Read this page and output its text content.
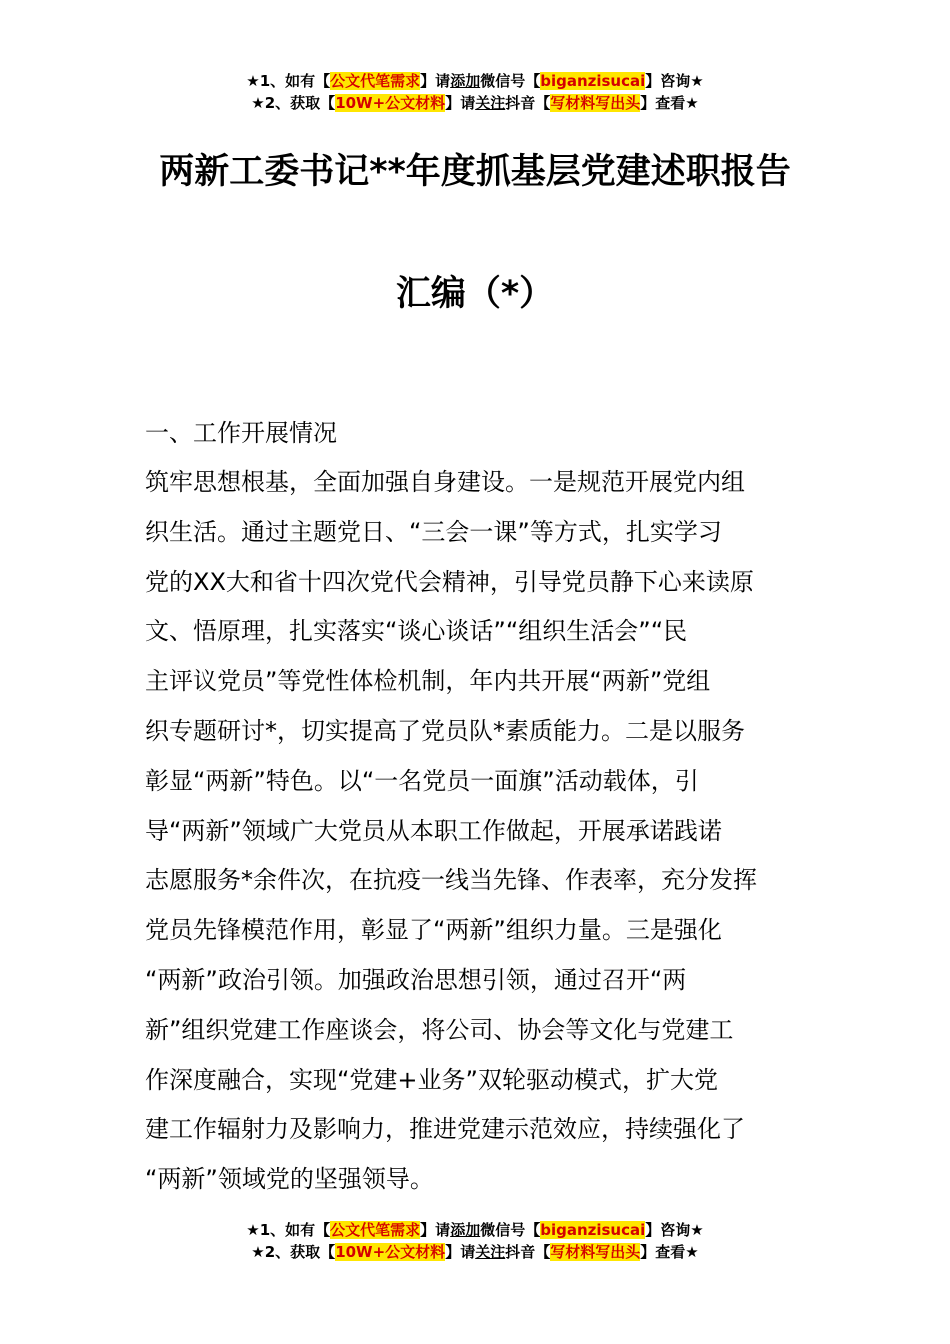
★1、如有【公文代笔需求】请添加微信号【biganzisucai】咨询★
★2、获取【10W+公文材料】请关注抖音【写材料写出头】查看★
两新工委书记**年度抓基层党建述职报告
汇编（*）
一、工作开展情况
筑牢思想根基，全面加强自身建设。一是规范开展党内组
织生活。通过主题党日、“三会一课”等方式，扎实学习
党的XX大和省十四次党代会精神，引导党员静下心来读原
文、悟原理，扎实落实“谈心谈话”“组织生活会”“民
主评议党员”等党性体检机制，年内共开展“两新”党组
织专题研讨*，切实提高了党员队*素质能力。二是以服务
彰显“两新”特色。以“一名党员一面旗”活动载体，引
导“两新”领域广大党员从本职工作做起，开展承诺践诺
志愿服务*余件次，在抗疫一线当先锋、作表率，充分发挥
党员先锋模范作用，彰显了“两新”组织力量。三是强化
“两新”政治引领。加强政治思想引领，通过召开“两
新”组织党建工作座谈会，将公司、协会等文化与党建工
作深度融合，实现“党建+业务”双轮驱动模式，扩大党
建工作辐射力及影响力，推进党建示范效应，持续强化了
“两新”领域党的坚强领导。
★1、如有【公文代笔需求】请添加微信号【biganzisucai】咨询★
★2、获取【10W+公文材料】请关注抖音【写材料写出头】查看★
